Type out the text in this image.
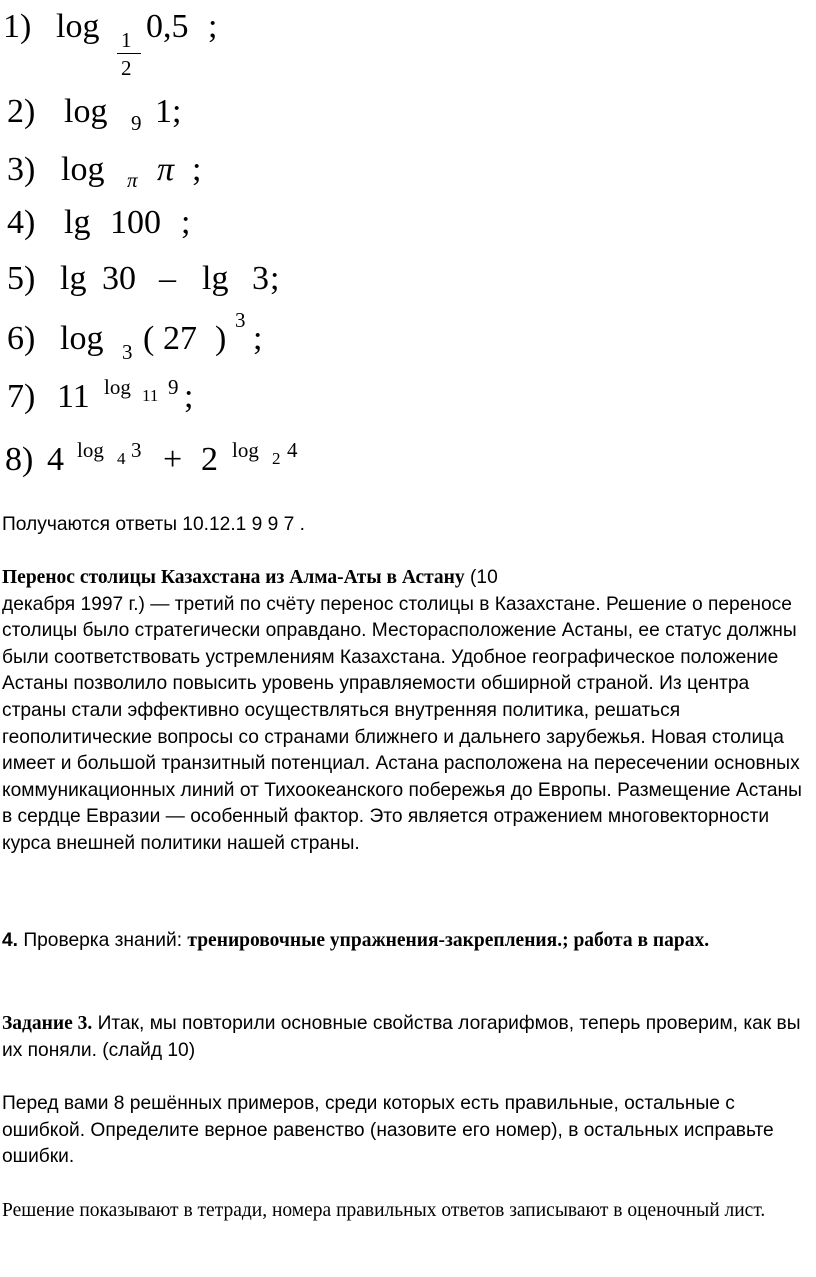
1) log 1
2
0,5 ;
2) log 9 1 ;
3) log π π ;
4) lg 100 ;
5) lg 30 – lg 3 ;
6) log 3 ( 27 ) 3 ;
7) 11 log 11 9 ;
8) 4 log 4 3 + 2 log 2 4

Получаются ответы 10.12.1 9 9 7 .

Перенос столицы Казахстана из Алма-Аты в Астану (10

декабря 1997 г.) — третий по счёту перенос столицы в Казахстане. Решение о переносе столицы было стратегически оправдано. Месторасположение Астаны, ее статус должны были соответствовать устремлениям Казахстана. Удобное географическое положение Астаны позволило повысить уровень управляемости обширной страной. Из центра страны стали эффективно осуществляться внутренняя политика, решаться геополитические вопросы со странами ближнего и дальнего зарубежья. Новая столица имеет и большой транзитный потенциал. Астана расположена на пересечении основных коммуникационных линий от Тихоокеанского побережья до Европы. Размещение Астаны в сердце Евразии — особенный фактор. Это является отражением многовекторности курса внешней политики нашей страны.

4. Проверка знаний: тренировочные упражнения-закрепления.; работа в парах.

Задание 3. Итак, мы повторили основные свойства логарифмов, теперь проверим, как вы их поняли. (слайд 10)

Перед вами 8 решённых примеров, среди которых есть правильные, остальные с ошибкой. Определите верное равенство (назовите его номер), в остальных исправьте ошибки.

Решение показывают в тетради, номера правильных ответов записывают в оценочный лист.
